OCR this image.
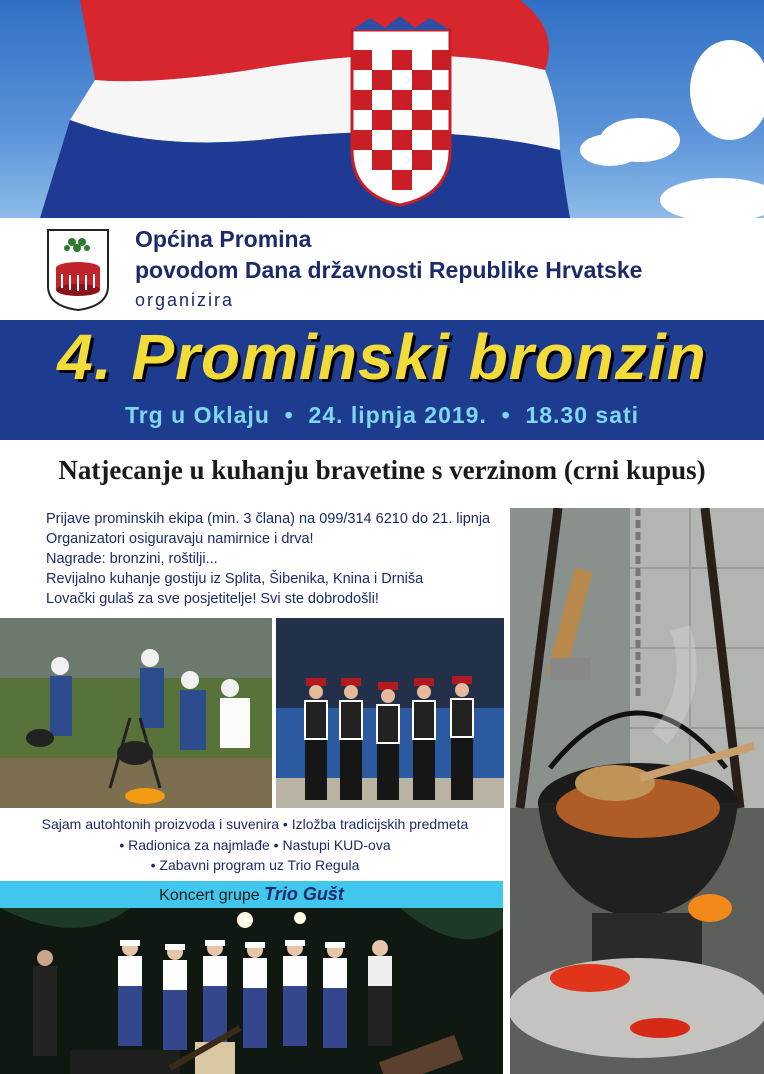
Općina Promina
povodom Dana državnosti Republike Hrvatske
organizira
4. Prominski bronzin
Trg u Oklaju  •  24. lipnja 2019.  •  18.30 sati
Natjecanje u kuhanju bravetine s verzinom (crni kupus)
Prijave prominskih ekipa (min. 3 člana) na 099/314 6210 do 21. lipnja
Organizatori osiguravaju namirnice i drva!
Nagrade: bronzini, roštilji...
Revijalno kuhanje gostiju iz Splita, Šibenika, Knina i Drniša
Lovački gulaš za sve posjetitelje! Svi ste dobrodošli!
Sajam autohtonih proizvoda i suvenira • Izložba tradicijskih predmeta
• Radionica za najmlađe • Nastupi KUD-ova
• Zabavni program uz Trio Regula
Koncert grupe Trio Gušt
